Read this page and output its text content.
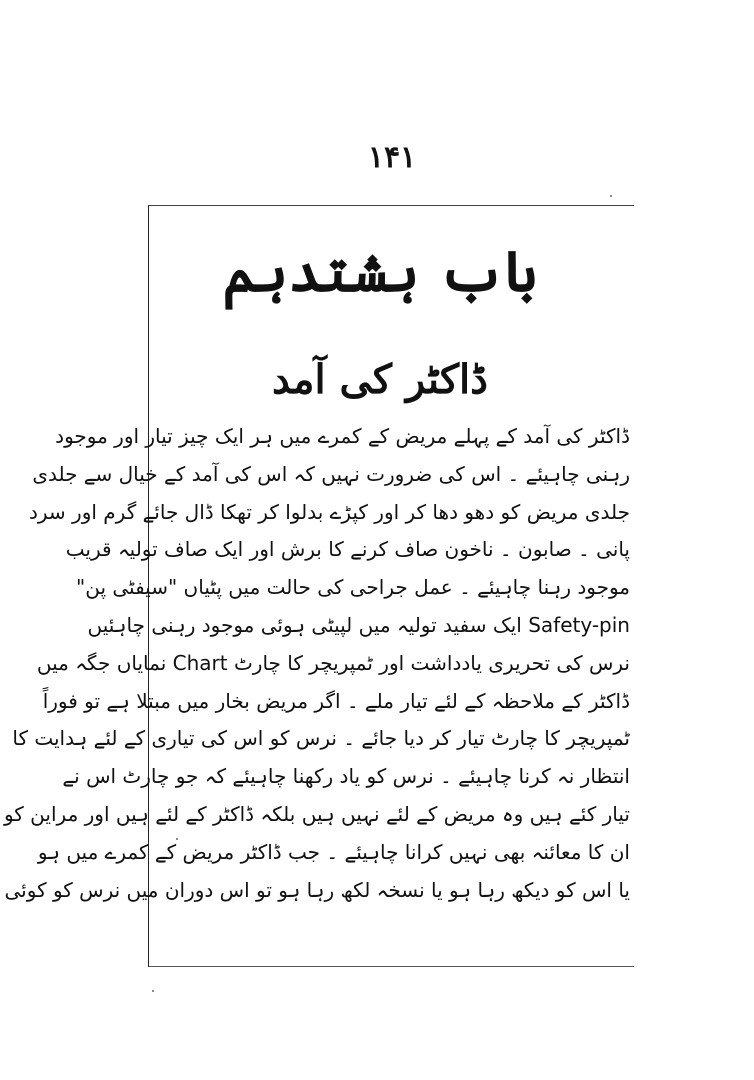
۱۴۱
باب ہشتدہم
ڈاکٹر کی آمد
ڈاکٹر کی آمد کے پہلے مریض کے کمرے میں ہر ایک چیز تیار اور موجود
رہنی چاہیئے ۔ اس کی ضرورت نہیں کہ اس کی آمد کے خیال سے جلدی
جلدی مریض کو دھو دھا کر اور کپڑے بدلوا کر تھکا ڈال جائے گرم اور سرد
پانی ۔ صابون ۔ ناخون صاف کرنے کا برش اور ایک صاف تولیہ قریب
موجود رہنا چاہیئے ۔ عمل جراحی کی حالت میں پٹیاں "سیفٹی پن"
Safety-pin ایک سفید تولیہ میں لپیٹی ہوئی موجود رہنی چاہئیں
نرس کی تحریری یادداشت اور ٹمپریچر کا چارٹ Chart نمایاں جگہ میں
ڈاکٹر کے ملاحظہ کے لئے تیار ملے ۔ اگر مریض بخار میں مبتلا ہے تو فوراً
ٹمپریچر کا چارٹ تیار کر دیا جائے ۔ نرس کو اس کی تیاری کے لئے ہدایت کا
انتظار نہ کرنا چاہیئے ۔ نرس کو یاد رکھنا چاہیئے کہ جو چارٹ اس نے
تیار کئے ہیں وہ مریض کے لئے نہیں ہیں بلکہ ڈاکٹر کے لئے ہیں اور مراین کو
ان کا معائنہ بھی نہیں کرانا چاہیئے ۔ جب ڈاکٹر مریض کے کمرے میں ہو
یا اس کو دیکھ رہا ہو یا نسخہ لکھ رہا ہو تو اس دوران میں نرس کو کوئی
